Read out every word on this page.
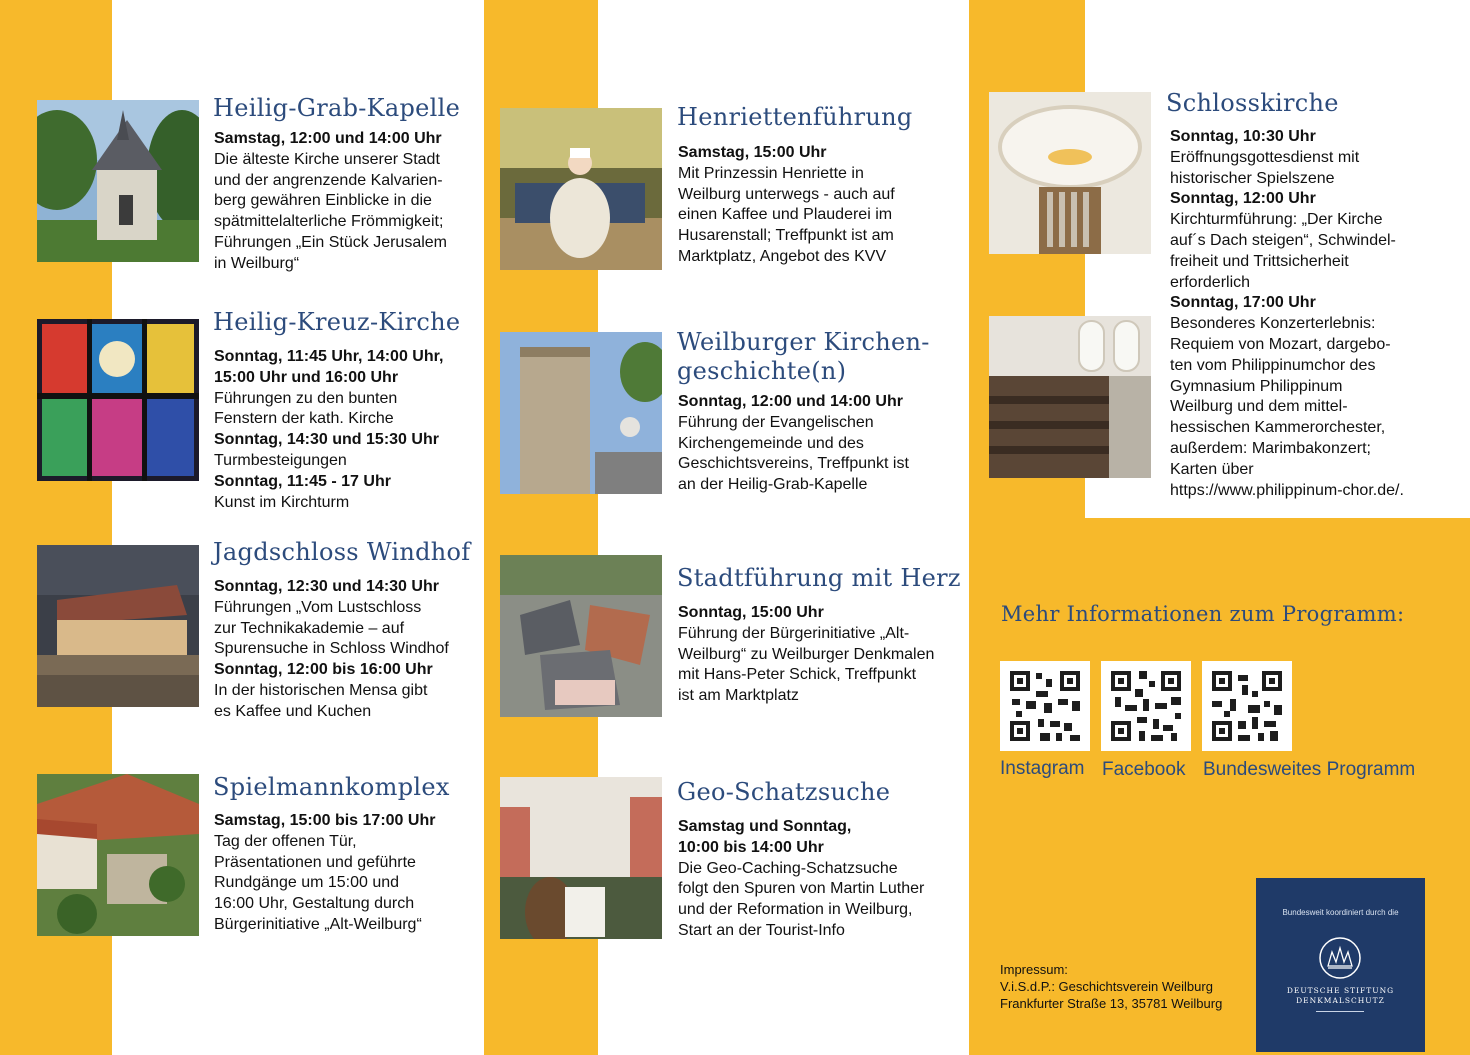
Heilig-Grab-Kapelle
Samstag, 12:00 und 14:00 Uhr
Die älteste Kirche unserer Stadt
und der angrenzende Kalvarien-
berg gewähren Einblicke in die
spätmittelalterliche Frömmigkeit;
Führungen „Ein Stück Jerusalem
in Weilburg“
Heilig-Kreuz-Kirche
Sonntag, 11:45 Uhr, 14:00 Uhr,
15:00 Uhr und 16:00 Uhr
Führungen zu den bunten
Fenstern der kath. Kirche
Sonntag, 14:30 und 15:30 Uhr
Turmbesteigungen
Sonntag, 11:45 - 17 Uhr
Kunst im Kirchturm
Jagdschloss Windhof
Sonntag, 12:30 und 14:30 Uhr
Führungen „Vom Lustschloss
zur Technikakademie – auf
Spurensuche in Schloss Windhof
Sonntag, 12:00 bis 16:00 Uhr
In der historischen Mensa gibt
es Kaffee und Kuchen
Spielmannkomplex
Samstag, 15:00 bis 17:00 Uhr
Tag der offenen Tür,
Präsentationen und geführte
Rundgänge um 15:00 und
16:00 Uhr, Gestaltung durch
Bürgerinitiative „Alt-Weilburg“
Henriettenführung
Samstag, 15:00 Uhr
Mit Prinzessin Henriette in
Weilburg unterwegs - auch auf
einen Kaffee und Plauderei im
Husarenstall; Treffpunkt ist am
Marktplatz, Angebot des KVV
Weilburger Kirchen-
geschichte(n)
Sonntag, 12:00 und 14:00 Uhr
Führung der Evangelischen
Kirchengemeinde und des
Geschichtsvereins, Treffpunkt ist
an der Heilig-Grab-Kapelle
Stadtführung mit Herz
Sonntag, 15:00 Uhr
Führung der Bürgerinitiative „Alt-
Weilburg“ zu Weilburger Denkmalen
mit Hans-Peter Schick, Treffpunkt
ist am Marktplatz
Geo-Schatzsuche
Samstag und Sonntag,
10:00 bis 14:00 Uhr
Die Geo-Caching-Schatzsuche
folgt den Spuren von Martin Luther
und der Reformation in Weilburg,
Start an der Tourist-Info
Schlosskirche
Sonntag, 10:30 Uhr
Eröffnungsgottesdienst mit
historischer Spielszene
Sonntag, 12:00 Uhr
Kirchturmführung: „Der Kirche
auf´s Dach steigen“, Schwindel-
freiheit und Trittsicherheit
erforderlich
Sonntag, 17:00 Uhr
Besonderes Konzerterlebnis:
Requiem von Mozart, dargebo-
ten vom Philippinumchor des
Gymnasium Philippinum
Weilburg und dem mittel-
hessischen Kammerorchester,
außerdem: Marimbakonzert;
Karten über
https://www.philippinum-chor.de/.
Mehr Informationen zum Programm:
Instagram Facebook Bundesweites Programm
Impressum:
V.i.S.d.P.: Geschichtsverein Weilburg
Frankfurter Straße 13, 35781 Weilburg
Bundesweit koordiniert durch die
DEUTSCHE STIFTUNG
DENKMALSCHUTZ
